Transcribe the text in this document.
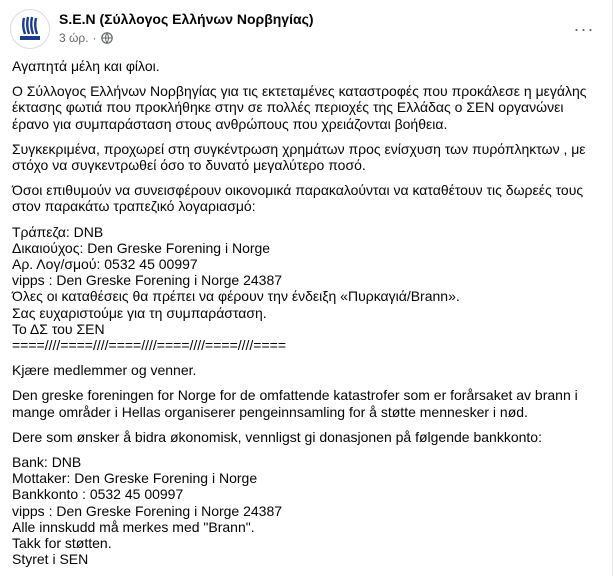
S.E.N (Σύλλογος Ελλήνων Νορβηγίας)
3 ώρ. ·	···

Αγαπητά μέλη και φίλοι.

Ο Σύλλογος Ελλήνων Νορβηγίας για τις εκτεταμένες καταστροφές που προκάλεσε η μεγάλης έκτασης φωτιά που προκλήθηκε στην σε πολλές περιοχές της Ελλάδας ο ΣΕΝ οργανώνει έρανο για συμπαράσταση στους ανθρώπους που χρειάζονται βοήθεια.

Συγκεκριμένα, προχωρεί στη συγκέντρωση χρημάτων προς ενίσχυση των πυρόπληκτων , με στόχο να συγκεντρωθεί όσο το δυνατό μεγαλύτερο ποσό.

Όσοι επιθυμούν να συνεισφέρουν οικονομικά παρακαλούνται να καταθέτουν τις δωρεές τους στον παρακάτω τραπεζικό λογαριασμό:

Τράπεζα: DNB
Δικαιούχος: Den Greske Forening i Norge
Αρ. Λογ/σμού: 0532 45 00997
vipps : Den Greske Forening i Norge 24387
Όλες οι καταθέσεις θα πρέπει να φέρουν την ένδειξη «Πυρκαγιά/Brann».
Σας ευχαριστούμε για τη συμπαράσταση.
Το ΔΣ του ΣΕΝ
====////====////====////====////====////====

Kjære medlemmer og venner.

Den greske foreningen for Norge for de omfattende katastrofer som er forårsaket av brann i mange områder i Hellas organiserer pengeinnsamling for å støtte mennesker i nød.

Dere som ønsker å bidra økonomisk, vennligst gi donasjonen på følgende bankkonto:

Bank: DNB
Mottaker: Den Greske Forening i Norge
Bankkonto : 0532 45 00997
vipps : Den Greske Forening i Norge 24387
Alle innskudd må merkes med "Brann".
Takk for støtten.
Styret i SEN
